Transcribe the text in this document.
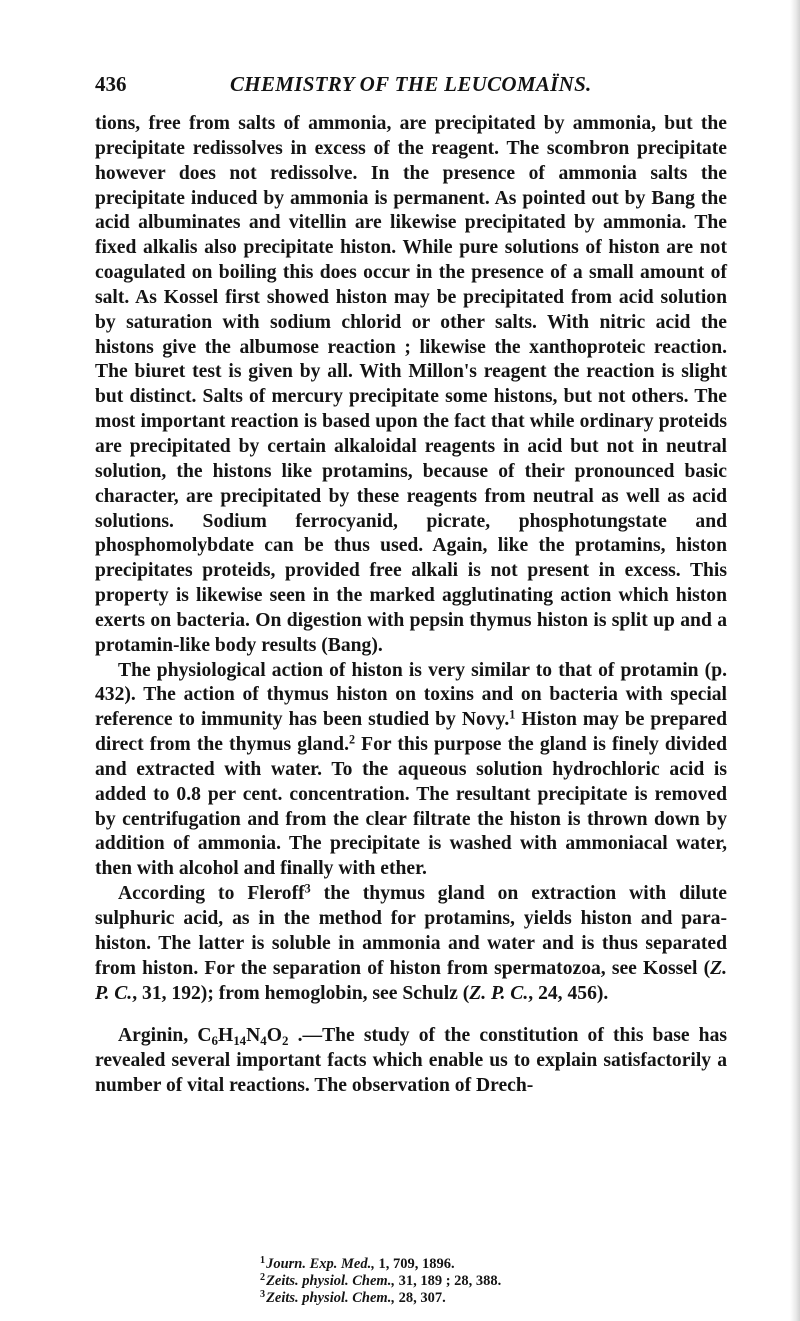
436	CHEMISTRY OF THE LEUCOMAÏNS.

tions, free from salts of ammonia, are precipitated by ammonia, but the precipitate redissolves in excess of the reagent. The scombron precipitate however does not redissolve. In the presence of ammonia salts the precipitate induced by ammonia is permanent. As pointed out by Bang the acid albuminates and vitellin are likewise precipitated by ammonia. The fixed alkalis also precipitate histon. While pure solutions of histon are not coagulated on boiling this does occur in the presence of a small amount of salt. As Kossel first showed histon may be precipitated from acid solution by saturation with sodium chlorid or other salts. With nitric acid the histons give the albumose reaction ; likewise the xanthoproteic reaction. The biuret test is given by all. With Millon's reagent the reaction is slight but distinct. Salts of mercury precipitate some histons, but not others. The most important reaction is based upon the fact that while ordinary proteids are precipitated by certain alkaloidal reagents in acid but not in neutral solution, the histons like protamins, because of their pronounced basic character, are precipitated by these reagents from neutral as well as acid solutions. Sodium ferrocyanid, picrate, phosphotungstate and phosphomolybdate can be thus used. Again, like the protamins, histon precipitates proteids, provided free alkali is not present in excess. This property is likewise seen in the marked agglutinating action which histon exerts on bacteria. On digestion with pepsin thymus histon is split up and a protamin-like body results (Bang).

The physiological action of histon is very similar to that of protamin (p. 432). The action of thymus histon on toxins and on bacteria with special reference to immunity has been studied by Novy.$^1$ Histon may be prepared direct from the thymus gland.$^2$ For this purpose the gland is finely divided and extracted with water. To the aqueous solution hydrochloric acid is added to 0.8 per cent. concentration. The resultant precipitate is removed by centrifugation and from the clear filtrate the histon is thrown down by addition of ammonia. The precipitate is washed with ammoniacal water, then with alcohol and finally with ether.

According to Fleroff$^3$ the thymus gland on extraction with dilute sulphuric acid, as in the method for protamins, yields histon and para-histon. The latter is soluble in ammonia and water and is thus separated from histon. For the separation of histon from spermatozoa, see Kossel (Z. P. C., 31, 192); from hemoglobin, see Schulz (Z. P. C., 24, 456).

Arginin, $C_6H_{14}N_4O_2$ .—The study of the constitution of this base has revealed several important facts which enable us to explain satisfactorily a number of vital reactions. The observation of Drech-

$^1$Journ. Exp. Med., 1, 709, 1896.
$^2$Zeits. physiol. Chem., 31, 189 ; 28, 388.
$^3$Zeits. physiol. Chem., 28, 307.
